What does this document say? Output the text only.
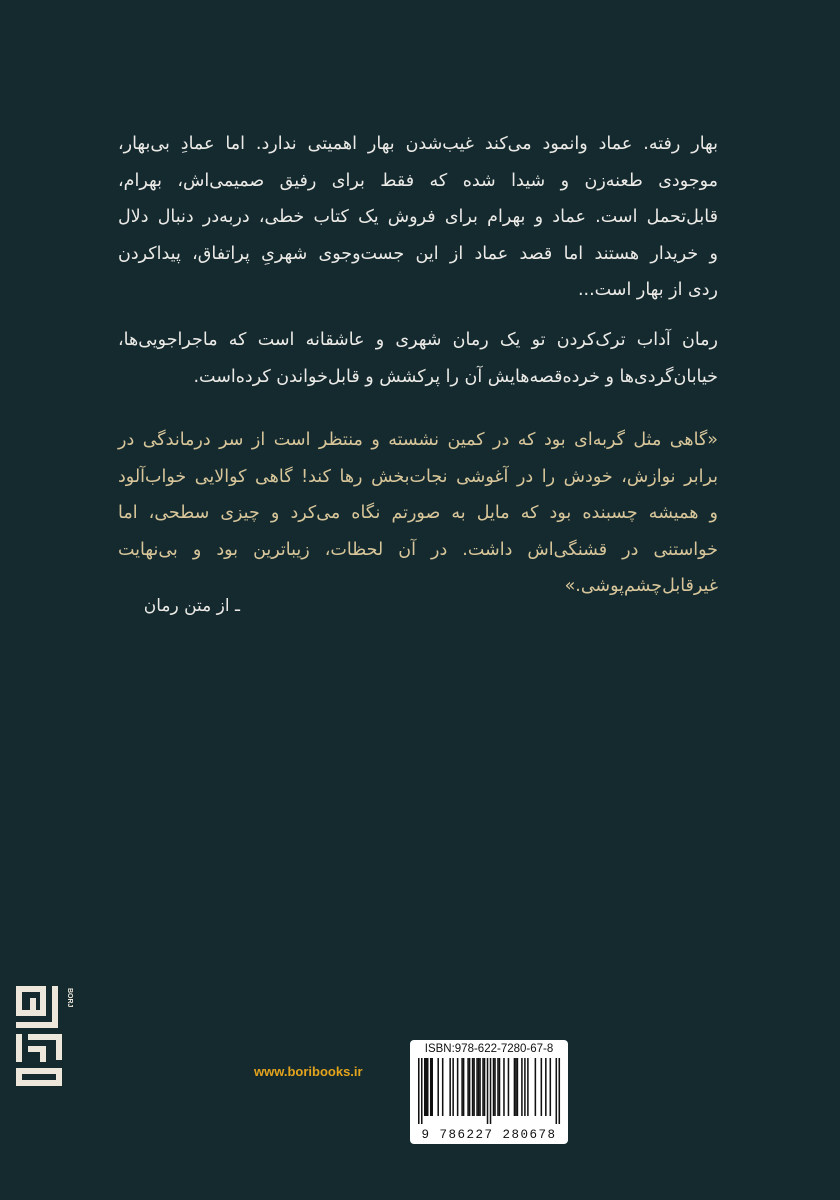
بهار رفته. عماد وانمود می‌کند غیب‌شدن بهار اهمیتی ندارد. اما عمادِ بی‌بهار،
موجودی طعنه‌زن و شیدا شده که فقط برای رفیق صمیمی‌اش، بهرام،
قابل‌تحمل است. عماد و بهرام برای فروش یک کتاب خطی، دربه‌در دنبال دلال
و خریدار هستند اما قصد عماد از این جست‌وجوی شهریِ پراتفاق، پیداکردن
ردی از بهار است...
رمان آداب ترک‌کردن تو یک رمان شهری و عاشقانه است که ماجراجویی‌ها،
خیابان‌گردی‌ها و خرده‌قصه‌هایش آن را پرکشش و قابل‌خواندن کرده‌است.
«گاهی مثل گربه‌ای بود که در کمین نشسته و منتظر است از سر درماندگی در
برابر نوازش، خودش را در آغوشی نجات‌بخش رها کند! گاهی کوالایی خواب‌آلود
و همیشه چسبنده بود که مایل به صورتم نگاه می‌کرد و چیزی سطحی، اما
خواستنی در قشنگی‌اش داشت. در آن لحظات، زیباترین بود و بی‌نهایت
غیرقابل‌چشم‌پوشی.»
ـ از متن رمان
BORJ
www.boribooks.ir
ISBN:978-622-7280-67-8
9 786227 280678
